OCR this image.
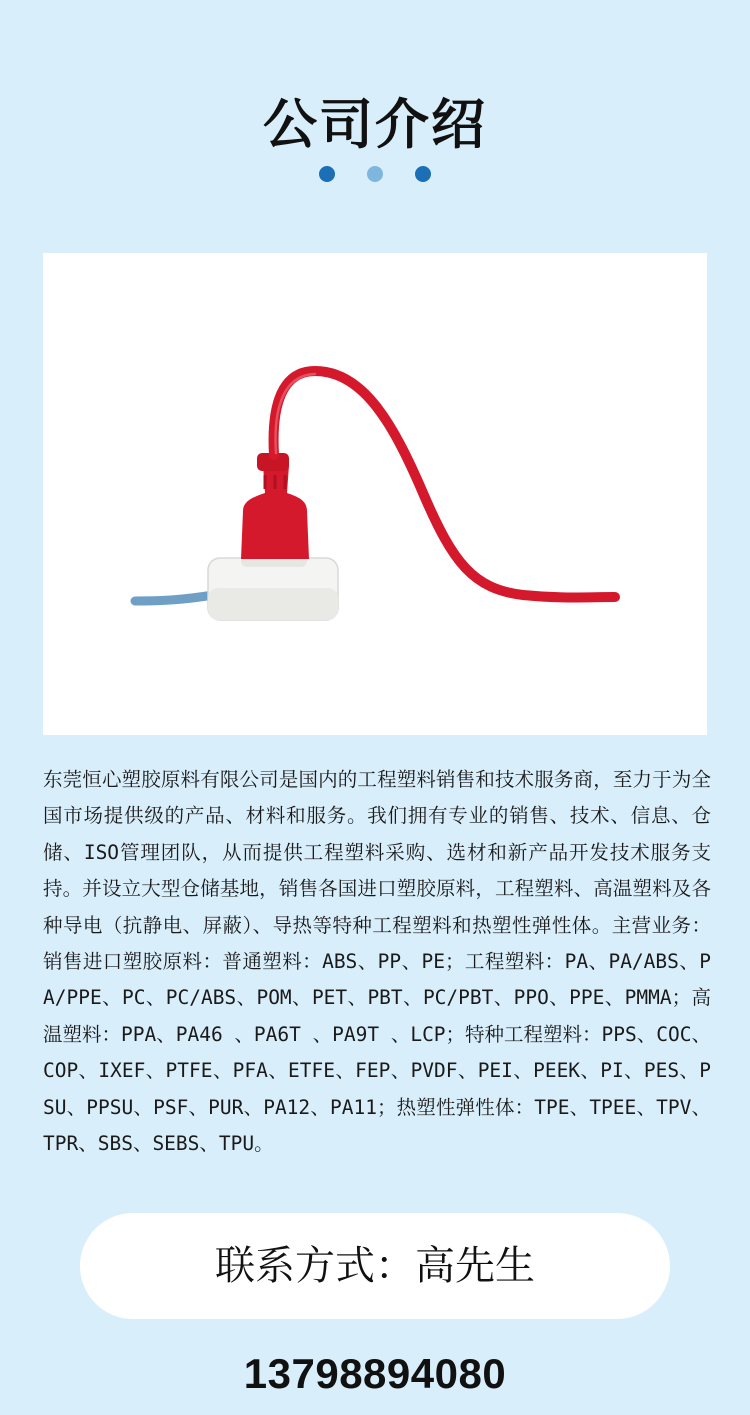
公司介绍
东莞恒心塑胶原料有限公司是国内的工程塑料销售和技术服务商，至力于为全国市场提供级的产品、材料和服务。我们拥有专业的销售、技术、信息、仓储、ISO管理团队，从而提供工程塑料采购、选材和新产品开发技术服务支持。并设立大型仓储基地，销售各国进口塑胶原料，工程塑料、高温塑料及各种导电（抗静电、屏蔽）、导热等特种工程塑料和热塑性弹性体。主营业务：销售进口塑胶原料：普通塑料：ABS、PP、PE；工程塑料：PA、PA/ABS、PA/PPE、PC、PC/ABS、POM、PET、PBT、PC/PBT、PPO、PPE、PMMA；高温塑料：PPA、PA46 、PA6T 、PA9T 、LCP；特种工程塑料：PPS、COC、COP、IXEF、PTFE、PFA、ETFE、FEP、PVDF、PEI、PEEK、PI、PES、PSU、PPSU、PSF、PUR、PA12、PA11；热塑性弹性体：TPE、TPEE、TPV、TPR、SBS、SEBS、TPU。
联系方式：高先生
13798894080
